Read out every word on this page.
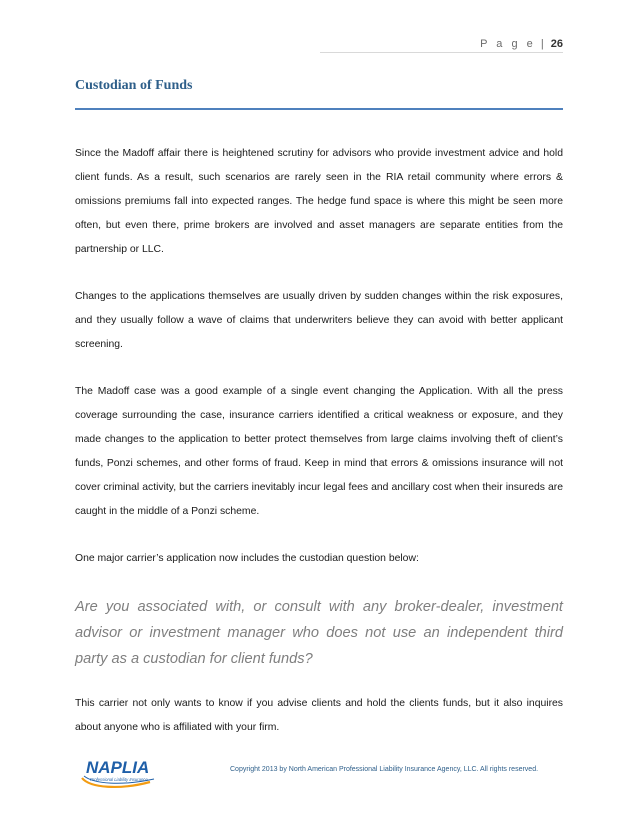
P a g e | 26
Custodian of Funds

Since the Madoff affair there is heightened scrutiny for advisors who provide investment advice and hold client funds. As a result, such scenarios are rarely seen in the RIA retail community where errors & omissions premiums fall into expected ranges. The hedge fund space is where this might be seen more often, but even there, prime brokers are involved and asset managers are separate entities from the partnership or LLC.

Changes to the applications themselves are usually driven by sudden changes within the risk exposures, and they usually follow a wave of claims that underwriters believe they can avoid with better applicant screening.

The Madoff case was a good example of a single event changing the Application. With all the press coverage surrounding the case, insurance carriers identified a critical weakness or exposure, and they made changes to the application to better protect themselves from large claims involving theft of client’s funds, Ponzi schemes, and other forms of fraud. Keep in mind that errors & omissions insurance will not cover criminal activity, but the carriers inevitably incur legal fees and ancillary cost when their insureds are caught in the middle of a Ponzi scheme.

One major carrier’s application now includes the custodian question below:

Are you associated with, or consult with any broker-dealer, investment advisor or investment manager who does not use an independent third party as a custodian for client funds?

This carrier not only wants to know if you advise clients and hold the clients funds, but it also inquires about anyone who is affiliated with your firm.

NAPLIA
Professional Liability Insurance
Copyright 2013 by North American Professional Liability Insurance Agency, LLC. All rights reserved.
